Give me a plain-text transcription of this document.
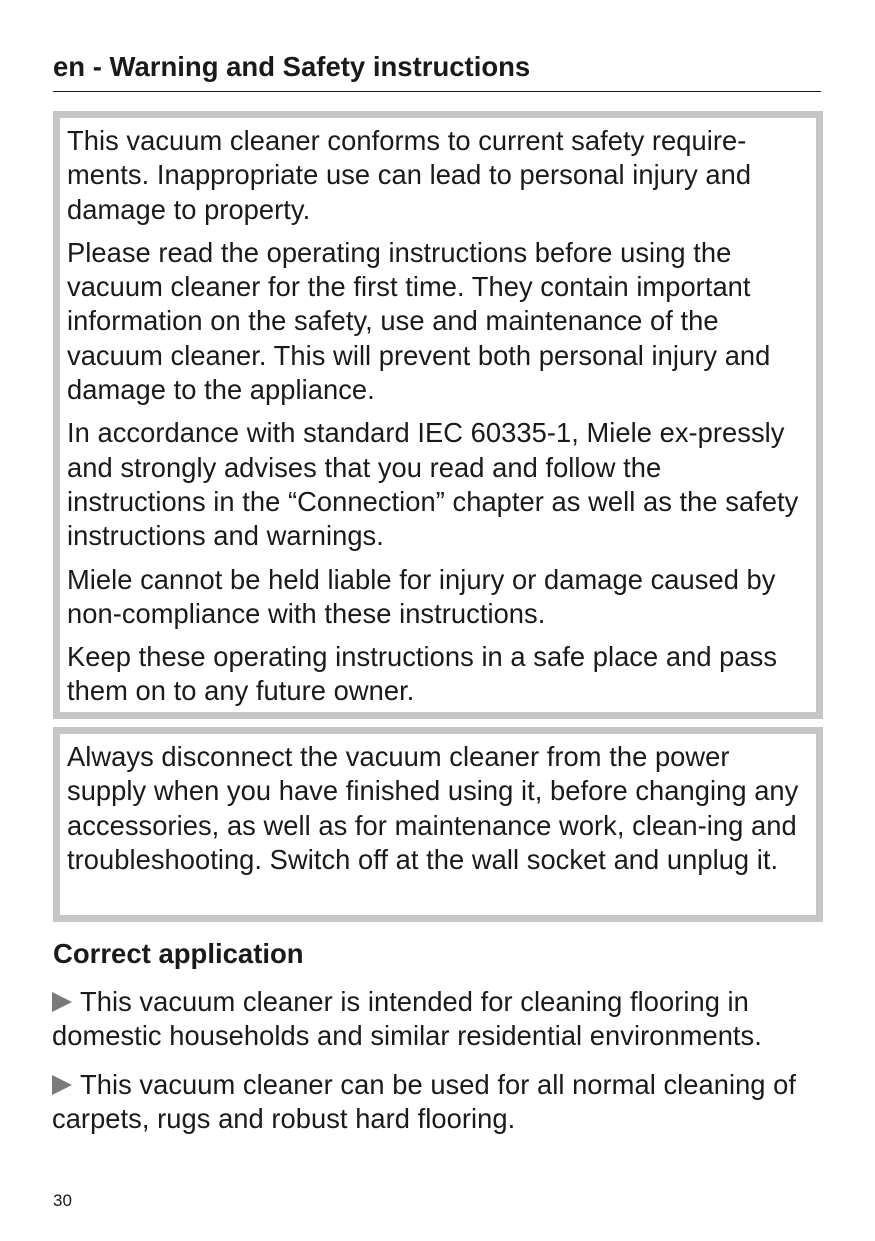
en - Warning and Safety instructions

This vacuum cleaner conforms to current safety require-ments. Inappropriate use can lead to personal injury and damage to property.

Please read the operating instructions before using the vacuum cleaner for the first time. They contain important information on the safety, use and maintenance of the vacuum cleaner. This will prevent both personal injury and damage to the appliance.

In accordance with standard IEC 60335-1, Miele ex-pressly and strongly advises that you read and follow the instructions in the “Connection” chapter as well as the safety instructions and warnings.

Miele cannot be held liable for injury or damage caused by non-compliance with these instructions.

Keep these operating instructions in a safe place and pass them on to any future owner.

Always disconnect the vacuum cleaner from the power supply when you have finished using it, before changing any accessories, as well as for maintenance work, clean-ing and troubleshooting. Switch off at the wall socket and unplug it.

Correct application

This vacuum cleaner is intended for cleaning flooring in domestic households and similar residential environments.

This vacuum cleaner can be used for all normal cleaning of carpets, rugs and robust hard flooring.

30
